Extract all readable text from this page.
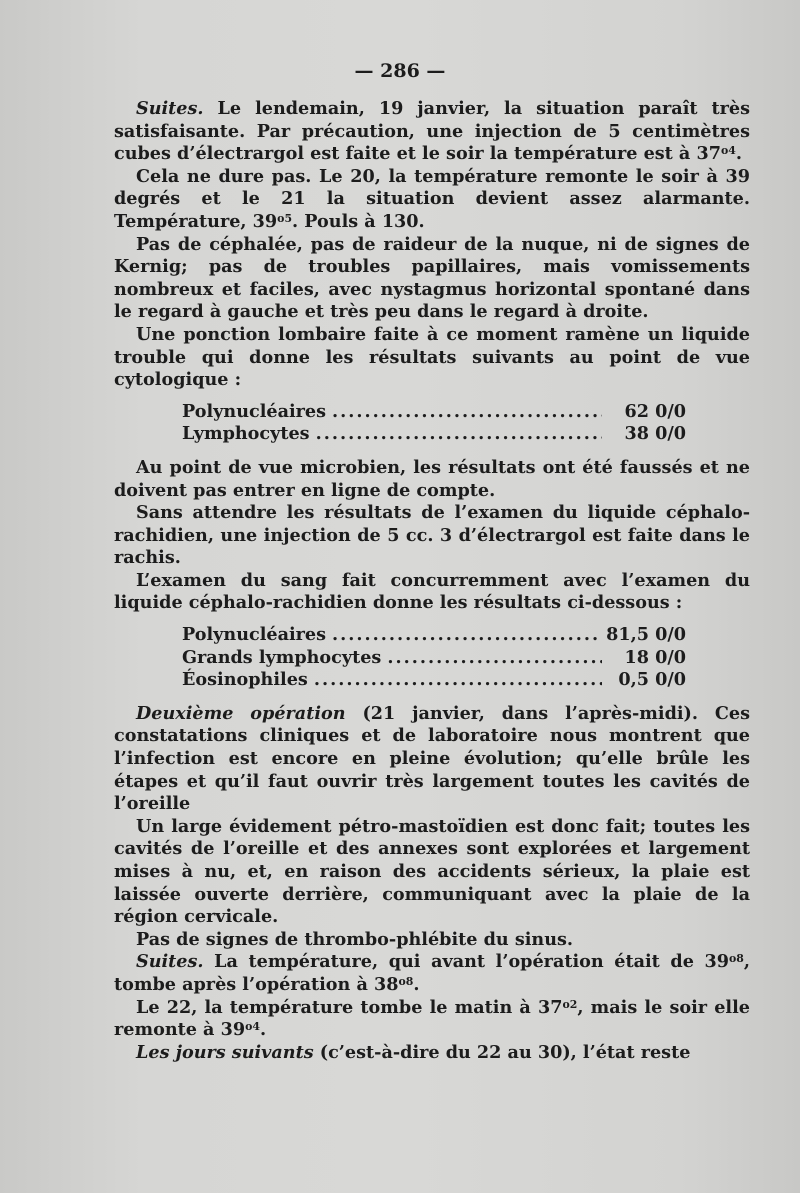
— 286 —

Suites. Le lendemain, 19 janvier, la situation paraît très satisfaisante. Par précaution, une injection de 5 centimètres cubes d’électrargol est faite et le soir la température est à $37^{o4}$.

Cela ne dure pas. Le 20, la température remonte le soir à 39 degrés et le 21 la situation devient assez alarmante. Température, $39^{o5}$. Pouls à 130.

Pas de céphalée, pas de raideur de la nuque, ni de signes de Kernig; pas de troubles papillaires, mais vomissements nombreux et faciles, avec nystagmus horizontal spontané dans le regard à gauche et très peu dans le regard à droite.

Une ponction lombaire faite à ce moment ramène un liquide trouble qui donne les résultats suivants au point de vue cytologique :

Polynucléaires .....	62 0/0
Lymphocytes .....	38 0/0

Au point de vue microbien, les résultats ont été faussés et ne doivent pas entrer en ligne de compte.

Sans attendre les résultats de l’examen du liquide céphalo-rachidien, une injection de 5 cc. 3 d’électrargol est faite dans le rachis.

L’examen du sang fait concurremment avec l’examen du liquide céphalo-rachidien donne les résultats ci-dessous :

Polynucléaires .....	81,5 0/0
Grands lymphocytes .....	18 0/0
Éosinophiles .....	0,5 0/0

Deuxième opération (21 janvier, dans l’après-midi). Ces constatations cliniques et de laboratoire nous montrent que l’infection est encore en pleine évolution; qu’elle brûle les étapes et qu’il faut ouvrir très largement toutes les cavités de l’oreille

Un large évidement pétro-mastoïdien est donc fait; toutes les cavités de l’oreille et des annexes sont explorées et largement mises à nu, et, en raison des accidents sérieux, la plaie est laissée ouverte derrière, communiquant avec la plaie de la région cervicale.

Pas de signes de thrombo-phlébite du sinus.

Suites. La température, qui avant l’opération était de $39^{o8}$, tombe après l’opération à $38^{o8}$.

Le 22, la température tombe le matin à $37^{o2}$, mais le soir elle remonte à $39^{o4}$.

Les jours suivants (c’est-à-dire du 22 au 30), l’état reste
